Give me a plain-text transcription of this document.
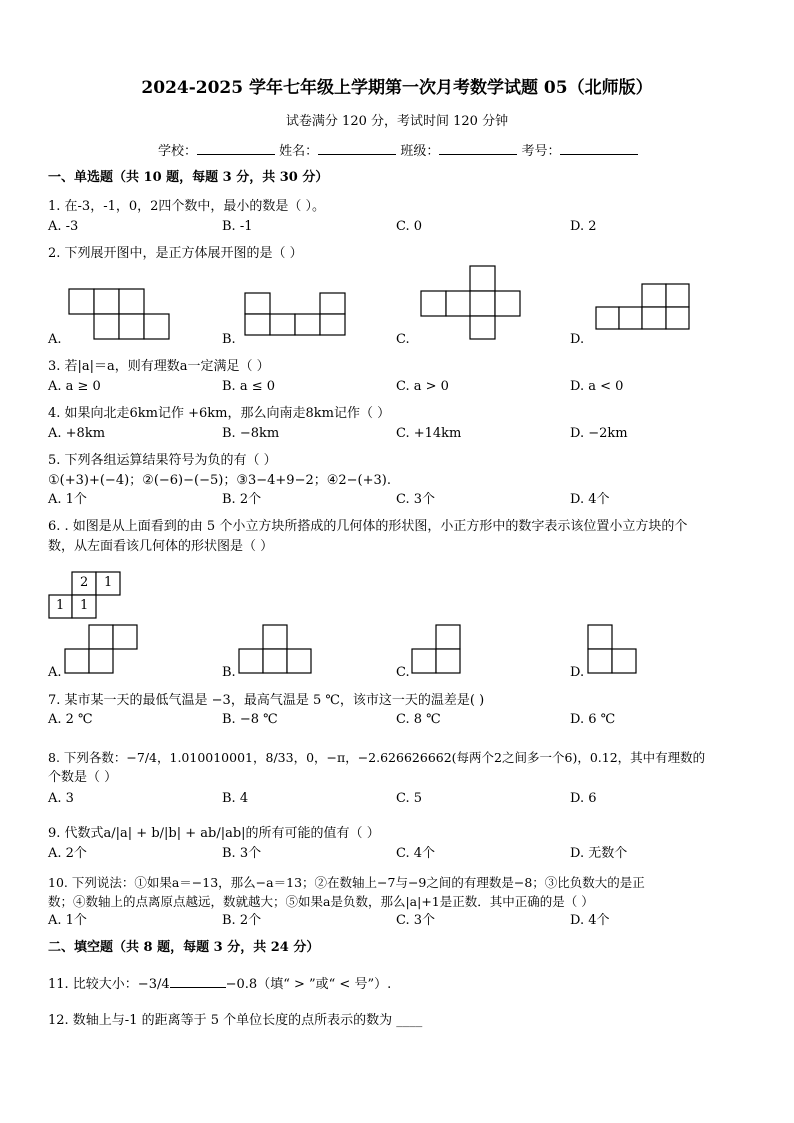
2024-2025 学年七年级上学期第一次月考数学试题 05（北师版）
试卷满分 120 分，考试时间 120 分钟
学校：	姓名：	班级：	考号：
一、单选题（共 10 题，每题 3 分，共 30 分）
1. 在-3，-1，0，2四个数中，最小的数是（ ）。
A. -3	B. -1	C. 0	D. 2
2. 下列展开图中，是正方体展开图的是（ ）
A.	B.	C.	D.
3. 若|a|＝a，则有理数a一定满足（ ）
A. a ≥ 0	B. a ≤ 0	C. a > 0	D. a < 0
4. 如果向北走6km记作 +6km，那么向南走8km记作（ ）
A. +8km	B. −8km	C. +14km	D. −2km
5. 下列各组运算结果符号为负的有（ ）
①(+3)+(−4)；②(−6)−(−5)；③3−4+9−2；④2−(+3).
A. 1个	B. 2个	C. 3个	D. 4个
6. . 如图是从上面看到的由 5 个小立方块所搭成的几何体的形状图，小正方形中的数字表示该位置小立方块的个
数，从左面看该几何体的形状图是（ ）
2 1
1 1
A.	B.	C.	D.
7. 某市某一天的最低气温是 −3，最高气温是 5 ℃，该市这一天的温差是( )
A. 2 ℃	B. −8 ℃	C. 8 ℃	D. 6 ℃
8. 下列各数：−7/4，1.010010001，8/33，0，−π，−2.626626662(每两个2之间多一个6)，0.12，其中有理数的
个数是（ ）
A. 3	B. 4	C. 5	D. 6
9. 代数式a/|a| + b/|b| + ab/|ab|的所有可能的值有（ ）
A. 2个	B. 3个	C. 4个	D. 无数个
10. 下列说法：①如果a＝−13，那么−a＝13；②在数轴上−7与−9之间的有理数是−8；③比负数大的是正
数；④数轴上的点离原点越远，数就越大；⑤如果a是负数，那么|a|+1是正数．其中正确的是（ ）
A. 1个	B. 2个	C. 3个	D. 4个
二、填空题（共 8 题，每题 3 分，共 24 分）
11. 比较大小：−3/4	−0.8（填“ > ”或“ < 号”）.
12. 数轴上与-1 的距离等于 5 个单位长度的点所表示的数为 ____
